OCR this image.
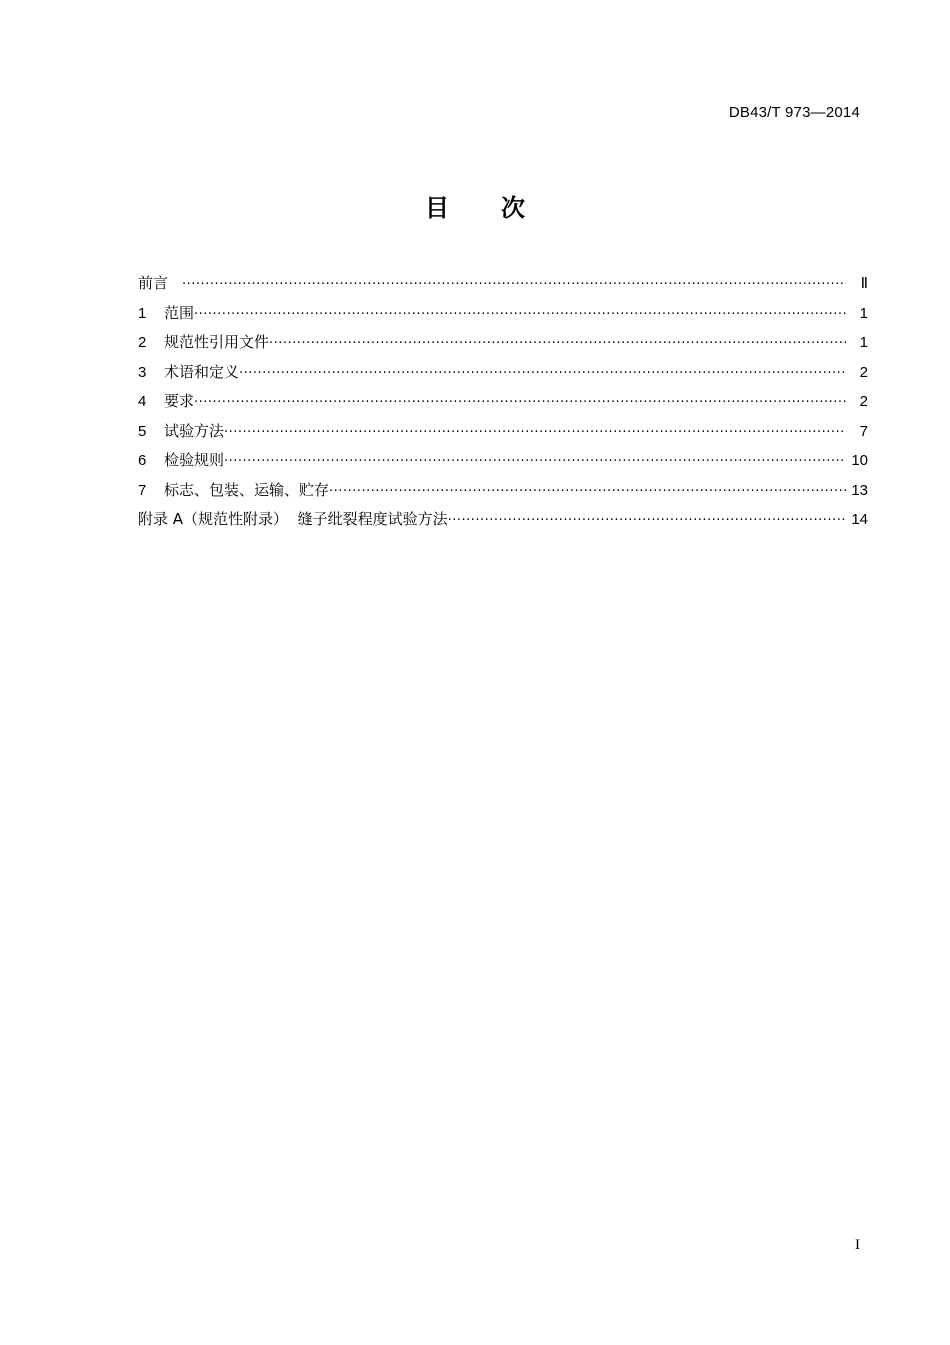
DB43/T 973—2014
目 次
前言 ·····	Ⅱ
1	范围 ·····	1
2	规范性引用文件 ·····	1
3	术语和定义 ·····	2
4	要求 ·····	2
5	试验方法 ·····	7
6	检验规则 ·····	10
7	标志、包装、运输、贮存 ·····	13
附录 A（规范性附录）  缝子纰裂程度试验方法 ·····	14
I
